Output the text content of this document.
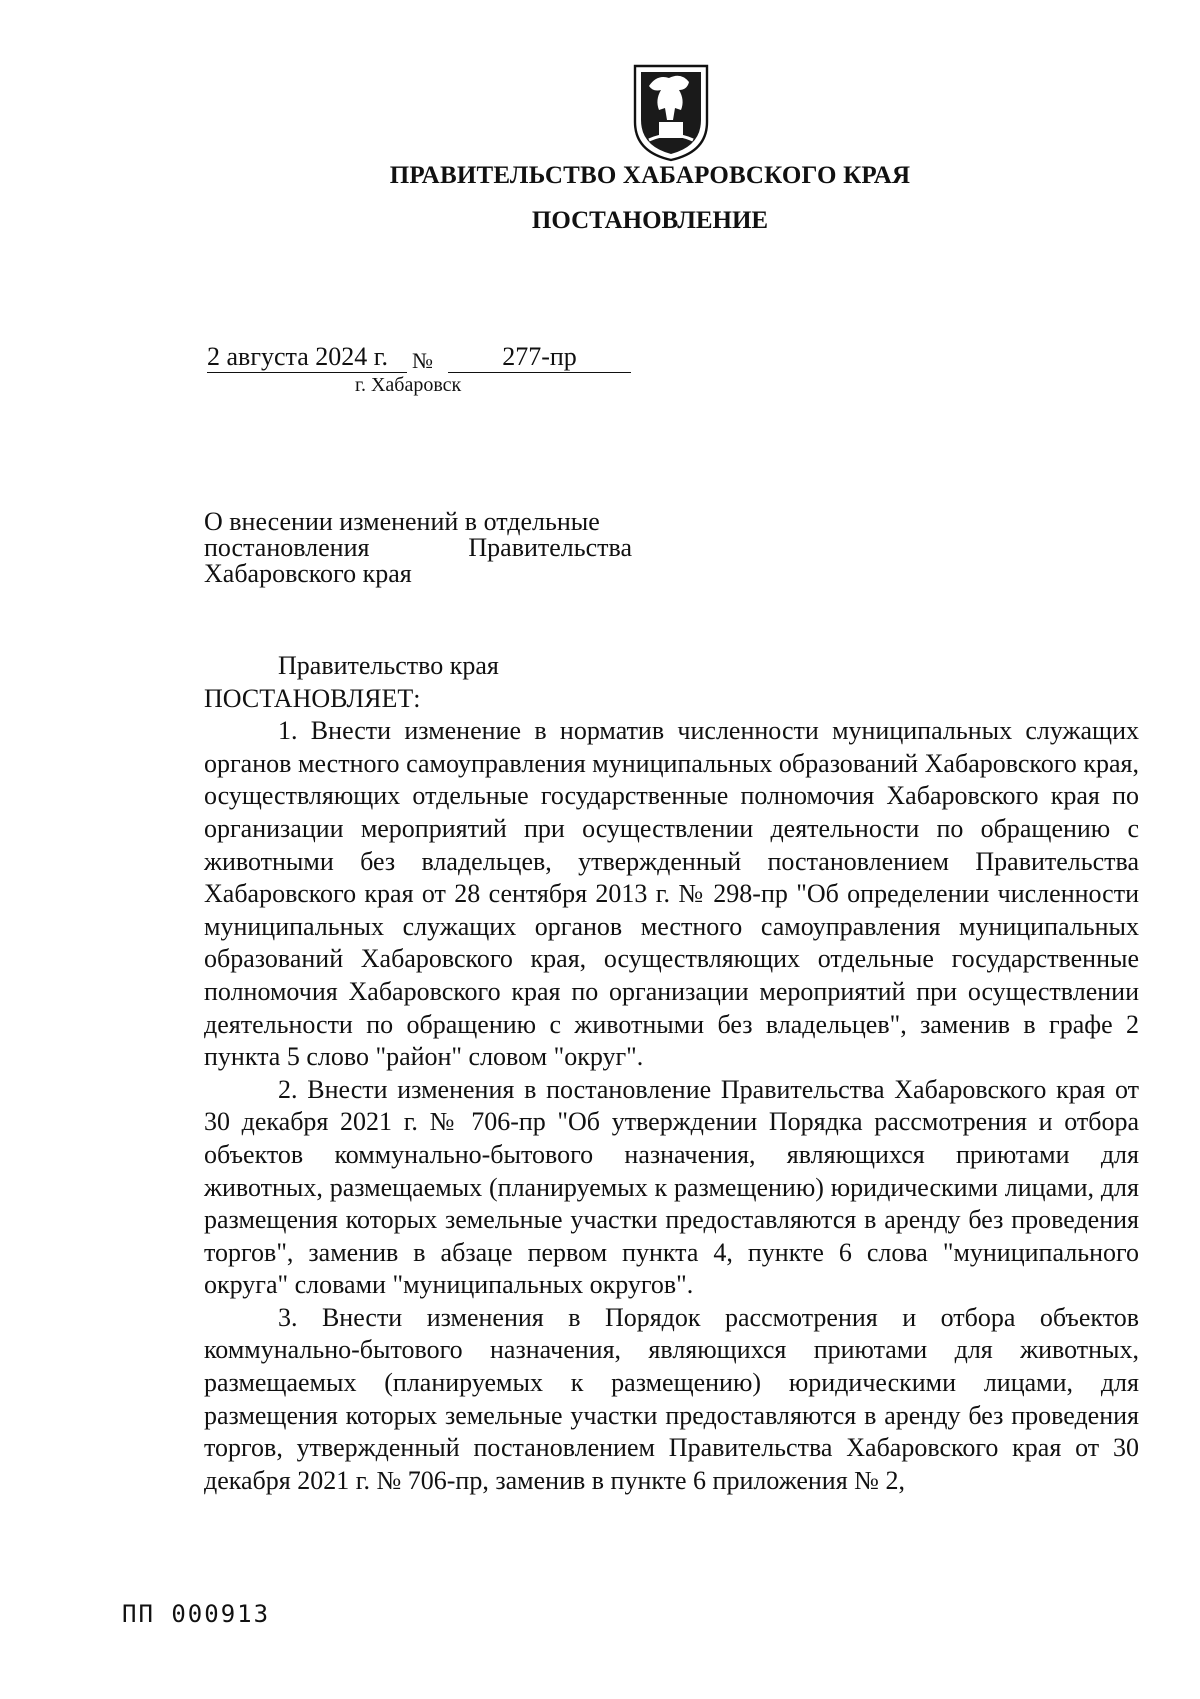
ПРАВИТЕЛЬСТВО ХАБАРОВСКОГО КРАЯ
ПОСТАНОВЛЕНИЕ
2 августа 2024 г.	№	277-пр
г. Хабаровск
О внесении изменений в отдельные
постановления	Правительства
Хабаровского края

Правительство края

ПОСТАНОВЛЯЕТ:

1. Внести изменение в норматив численности муниципальных служащих органов местного самоуправления муниципальных образований Хабаровского края, осуществляющих отдельные государственные полномочия Хабаровского края по организации мероприятий при осуществлении деятельности по обращению с животными без владельцев, утвержденный постановлением Правительства Хабаровского края от 28 сентября 2013 г. № 298-пр "Об определении численности муниципальных служащих органов местного самоуправления муниципальных образований Хабаровского края, осуществляющих отдельные государственные полномочия Хабаровского края по организации мероприятий при осуществлении деятельности по обращению с животными без владельцев", заменив в графе 2 пункта 5 слово "район" словом "округ".

2. Внести изменения в постановление Правительства Хабаровского края от 30 декабря 2021 г. № 706-пр "Об утверждении Порядка рассмотрения и отбора объектов коммунально-бытового назначения, являющихся приютами для животных, размещаемых (планируемых к размещению) юридическими лицами, для размещения которых земельные участки предоставляются в аренду без проведения торгов", заменив в абзаце первом пункта 4, пункте 6 слова "муниципального округа" словами "муниципальных округов".

3. Внести изменения в Порядок рассмотрения и отбора объектов коммунально-бытового назначения, являющихся приютами для животных, размещаемых (планируемых к размещению) юридическими лицами, для размещения которых земельные участки предоставляются в аренду без проведения торгов, утвержденный постановлением Правительства Хабаровского края от 30 декабря 2021 г. № 706-пр, заменив в пункте 6 приложения № 2,

ПП 000913
